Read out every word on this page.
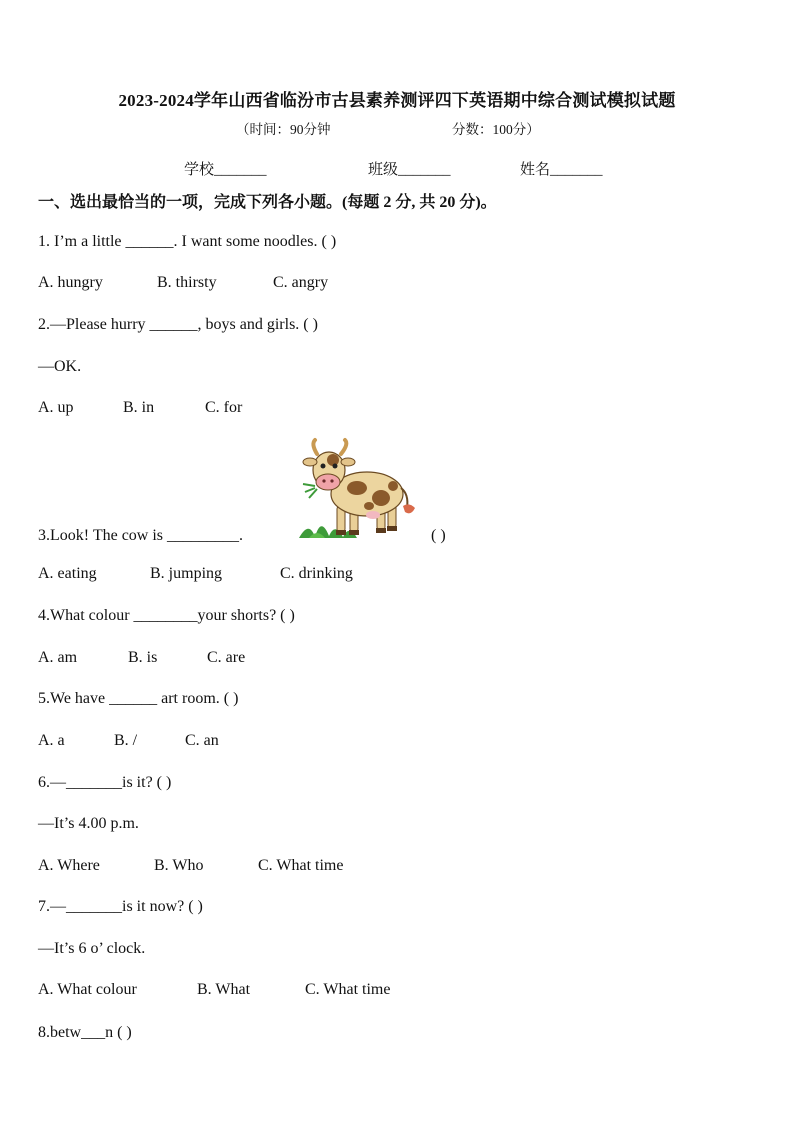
2023-2024学年山西省临汾市古县素养测评四下英语期中综合测试模拟试题
（时间：90分钟	分数：100分）
学校_______	班级_______	姓名_______
一、选出最恰当的一项，完成下列各小题。(每题 2 分, 共 20 分)。
1. I’m a little ______. I want some noodles. ( )
A. hungry	B. thirsty	C. angry
2.—Please hurry ______, boys and girls. ( )
—OK.
A. up	B. in	C. for
3.Look! The cow is _________.	( )
A. eating	B. jumping	C. drinking
4.What colour ________your shorts? ( )
A. am	B. is	C. are
5.We have ______ art room. ( )
A. a	B. /	C. an
6.—_______is it? ( )
—It’s 4.00 p.m.
A. Where	B. Who	C. What time
7.—_______is it now? ( )
—It’s 6 o’ clock.
A. What colour	B. What	C. What time
8.betw___n ( )
